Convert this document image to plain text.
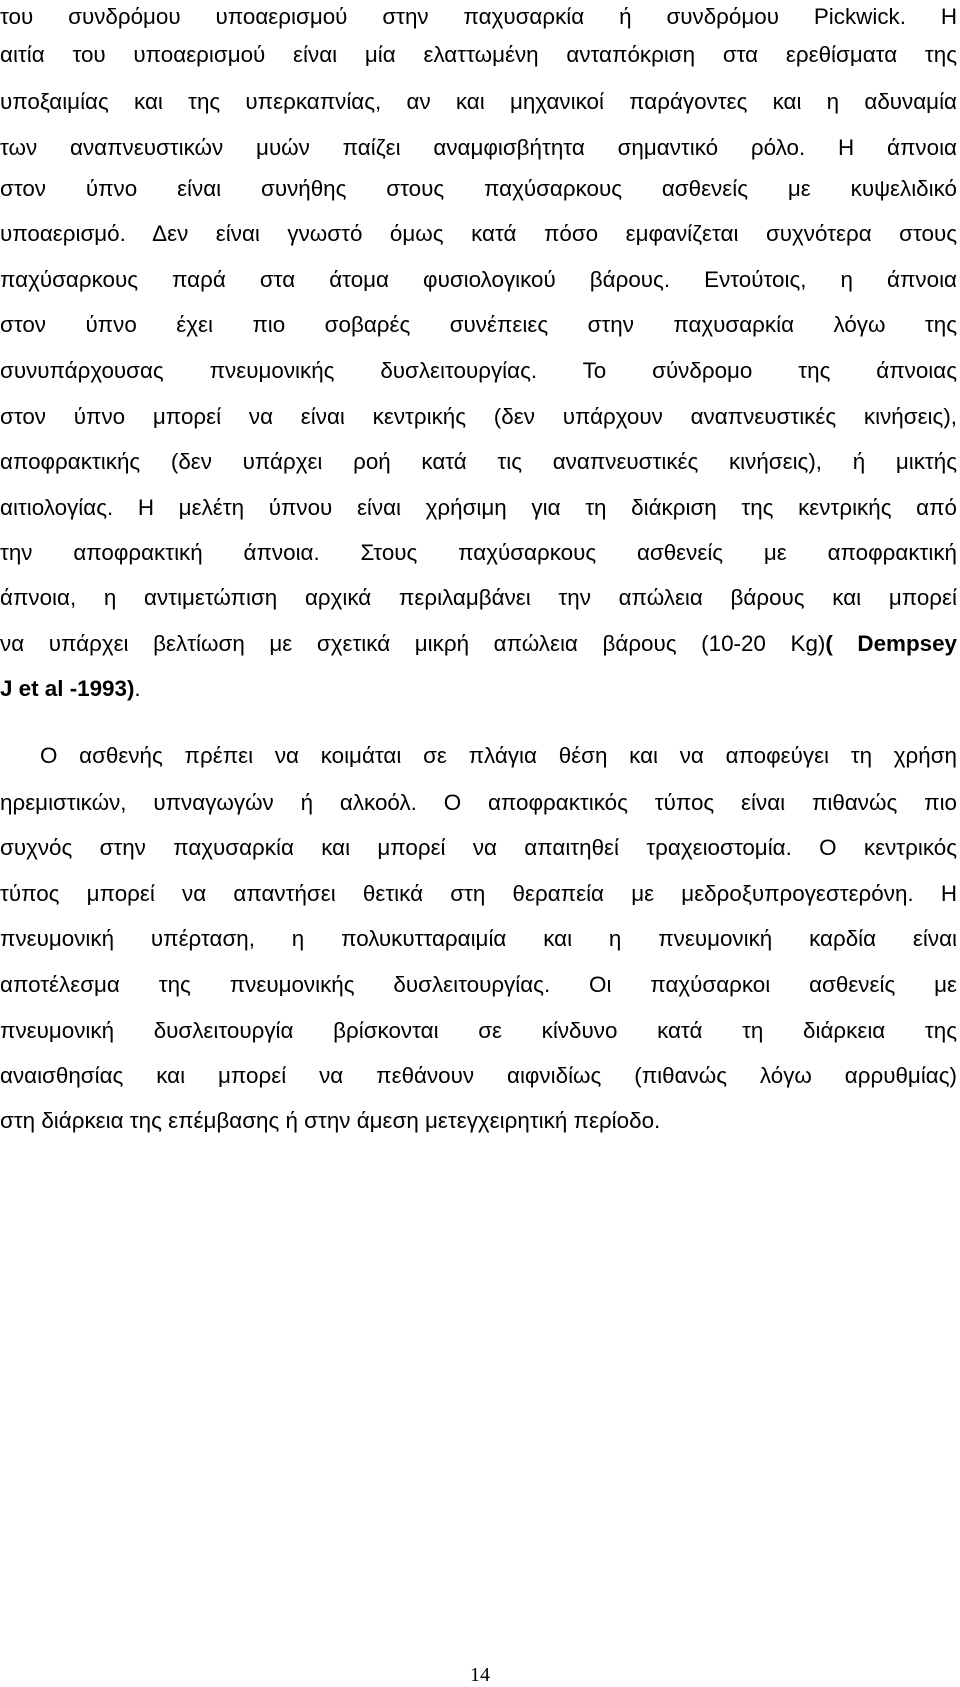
του συνδρόμου υποαερισμού στην παχυσαρκία ή συνδρόμου Pickwick. Η
αιτία του υποαερισμού είναι μία ελαττωμένη ανταπόκριση στα ερεθίσματα της
υποξαιμίας και της υπερκαπνίας, αν και μηχανικοί παράγοντες και η αδυναμία
των αναπνευστικών μυών παίζει αναμφισβήτητα σημαντικό ρόλο. Η άπνοια
στον ύπνο είναι συνήθης στους παχύσαρκους ασθενείς με κυψελιδικό
υποαερισμό. Δεν είναι γνωστό όμως κατά πόσο εμφανίζεται συχνότερα στους
παχύσαρκους παρά στα άτομα φυσιολογικού βάρους. Εντούτοις, η άπνοια
στον ύπνο έχει πιο σοβαρές συνέπειες στην παχυσαρκία λόγω της
συνυπάρχουσας πνευμονικής δυσλειτουργίας. Το σύνδρομο της άπνοιας
στον ύπνο μπορεί να είναι κεντρικής (δεν υπάρχουν αναπνευστικές κινήσεις),
αποφρακτικής (δεν υπάρχει ροή κατά τις αναπνευστικές κινήσεις), ή μικτής
αιτιολογίας. Η μελέτη ύπνου είναι χρήσιμη για τη διάκριση της κεντρικής από
την αποφρακτική άπνοια. Στους παχύσαρκους ασθενείς με αποφρακτική
άπνοια, η αντιμετώπιση αρχικά περιλαμβάνει την απώλεια βάρους και μπορεί
να υπάρχει βελτίωση με σχετικά μικρή απώλεια βάρους (10-20 Kg)( Dempsey
J et al -1993).
Ο ασθενής πρέπει να κοιμάται σε πλάγια θέση και να αποφεύγει τη χρήση
ηρεμιστικών, υπναγωγών ή αλκοόλ. Ο αποφρακτικός τύπος είναι πιθανώς πιο
συχνός στην παχυσαρκία και μπορεί να απαιτηθεί τραχειοστομία. Ο κεντρικός
τύπος μπορεί να απαντήσει θετικά στη θεραπεία με μεδροξυπρογεστερόνη. Η
πνευμονική υπέρταση, η πολυκυτταραιμία και η πνευμονική καρδία είναι
αποτέλεσμα της πνευμονικής δυσλειτουργίας. Οι παχύσαρκοι ασθενείς με
πνευμονική δυσλειτουργία βρίσκονται σε κίνδυνο κατά τη διάρκεια της
αναισθησίας και μπορεί να πεθάνουν αιφνιδίως (πιθανώς λόγω αρρυθμίας)
στη διάρκεια της επέμβασης ή στην άμεση μετεγχειρητική περίοδο.
14
